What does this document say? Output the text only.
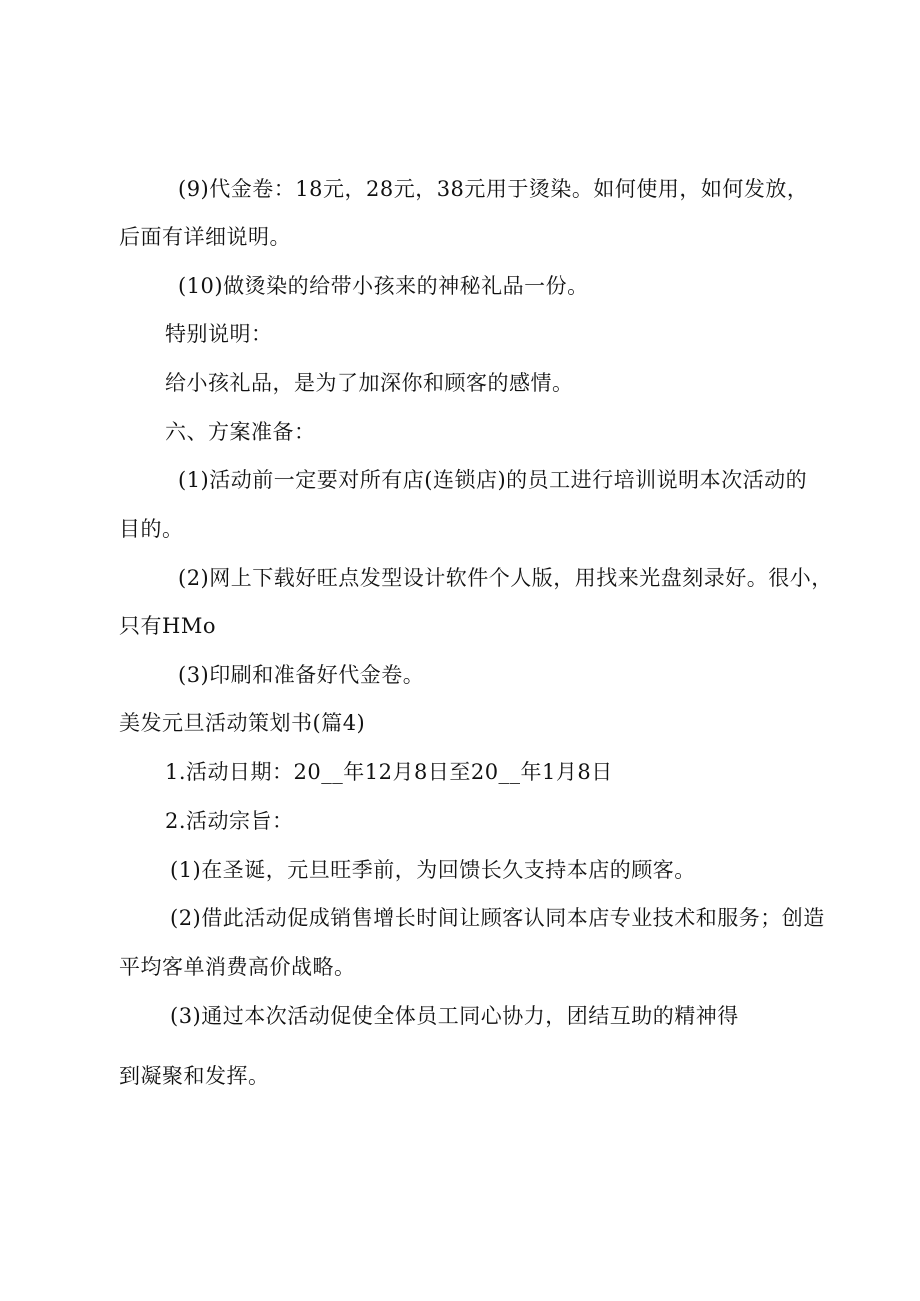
(9)代金卷：18元，28元，38元用于烫染。如何使用，如何发放，
后面有详细说明。
(10)做烫染的给带小孩来的神秘礼品一份。
特别说明：
给小孩礼品，是为了加深你和顾客的感情。
六、方案准备：
(1)活动前一定要对所有店(连锁店)的员工进行培训说明本次活动的
目的。
(2)网上下载好旺点发型设计软件个人版，用找来光盘刻录好。很小，
只有HMo
(3)印刷和准备好代金卷。
美发元旦活动策划书(篇4)
1.活动日期：20__年12月8日至20__年1月8日
2.活动宗旨：
(1)在圣诞，元旦旺季前，为回馈长久支持本店的顾客。
(2)借此活动促成销售增长时间让顾客认同本店专业技术和服务；创造
平均客单消费高价战略。
(3)通过本次活动促使全体员工同心协力，团结互助的精神得
到凝聚和发挥。
